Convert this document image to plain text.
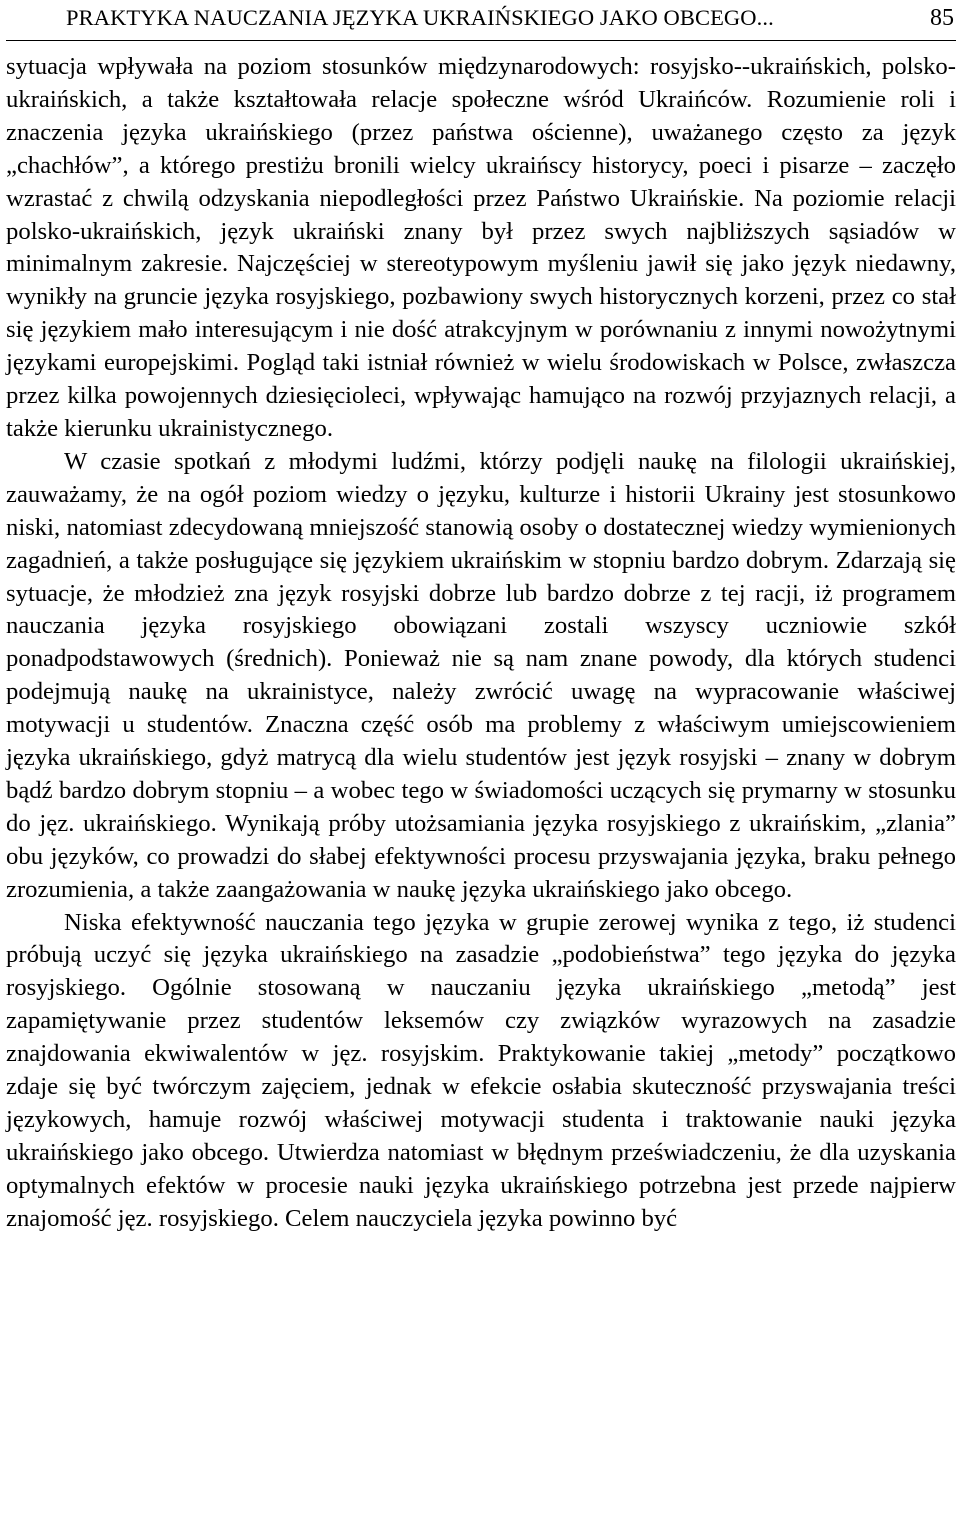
PRAKTYKA NAUCZANIA JĘZYKA UKRAIŃSKIEGO JAKO OBCEGO...	85

sytuacja wpływała na poziom stosunków międzynarodowych: rosyjsko--ukraińskich, polsko-ukraińskich, a także kształtowała relacje społeczne wśród Ukraińców. Rozumienie roli i znaczenia języka ukraińskiego (przez państwa ościenne), uważanego często za język „chachłów”, a którego prestiżu bronili wielcy ukraińscy historycy, poeci i pisarze – zaczęło wzrastać z chwilą odzyskania niepodległości przez Państwo Ukraińskie. Na poziomie relacji polsko-ukraińskich, język ukraiński znany był przez swych najbliższych sąsiadów w minimalnym zakresie. Najczęściej w stereotypowym myśleniu jawił się jako język niedawny, wynikły na gruncie języka rosyjskiego, pozbawiony swych historycznych korzeni, przez co stał się językiem mało interesującym i nie dość atrakcyjnym w porównaniu z innymi nowożytnymi językami europejskimi. Pogląd taki istniał również w wielu środowiskach w Polsce, zwłaszcza przez kilka powojennych dziesięcioleci, wpływając hamująco na rozwój przyjaznych relacji, a także kierunku ukrainistycznego.

W czasie spotkań z młodymi ludźmi, którzy podjęli naukę na filologii ukraińskiej, zauważamy, że na ogół poziom wiedzy o języku, kulturze i historii Ukrainy jest stosunkowo niski, natomiast zdecydowaną mniejszość stanowią osoby o dostatecznej wiedzy wymienionych zagadnień, a także posługujące się językiem ukraińskim w stopniu bardzo dobrym. Zdarzają się sytuacje, że młodzież zna język rosyjski dobrze lub bardzo dobrze z tej racji, iż programem nauczania języka rosyjskiego obowiązani zostali wszyscy uczniowie szkół ponadpodstawowych (średnich). Ponieważ nie są nam znane powody, dla których studenci podejmują naukę na ukrainistyce, należy zwrócić uwagę na wypracowanie właściwej motywacji u studentów. Znaczna część osób ma problemy z właściwym umiejscowieniem języka ukraińskiego, gdyż matrycą dla wielu studentów jest język rosyjski – znany w dobrym bądź bardzo dobrym stopniu – a wobec tego w świadomości uczących się prymarny w stosunku do jęz. ukraińskiego. Wynikają próby utożsamiania języka rosyjskiego z ukraińskim, „zlania” obu języków, co prowadzi do słabej efektywności procesu przyswajania języka, braku pełnego zrozumienia, a także zaangażowania w naukę języka ukraińskiego jako obcego.

Niska efektywność nauczania tego języka w grupie zerowej wynika z tego, iż studenci próbują uczyć się języka ukraińskiego na zasadzie „podobieństwa” tego języka do języka rosyjskiego. Ogólnie stosowaną w nauczaniu języka ukraińskiego „metodą” jest zapamiętywanie przez studentów leksemów czy związków wyrazowych na zasadzie znajdowania ekwiwalentów w jęz. rosyjskim. Praktykowanie takiej „metody” początkowo zdaje się być twórczym zajęciem, jednak w efekcie osłabia skuteczność przyswajania treści językowych, hamuje rozwój właściwej motywacji studenta i traktowanie nauki języka ukraińskiego jako obcego. Utwierdza natomiast w błędnym przeświadczeniu, że dla uzyskania optymalnych efektów w procesie nauki języka ukraińskiego potrzebna jest przede najpierw znajomość jęz. rosyjskiego. Celem nauczyciela języka powinno być
